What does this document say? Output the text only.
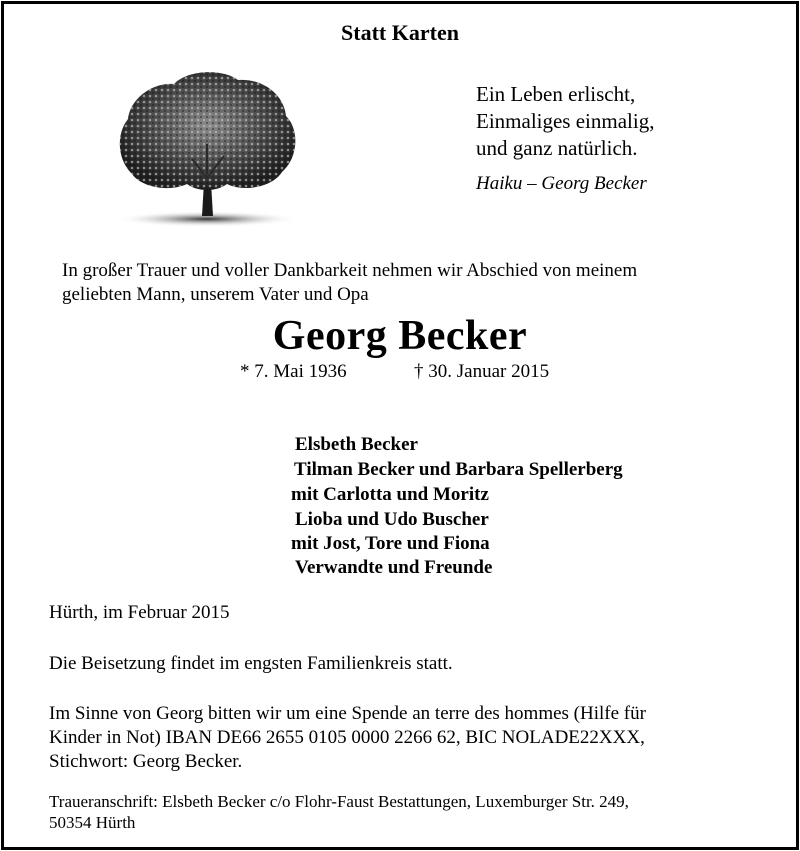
Statt Karten
Ein Leben erlischt,
Einmaliges einmalig,
und ganz natürlich.
Haiku – Georg Becker
In großer Trauer und voller Dankbarkeit nehmen wir Abschied von meinem
geliebten Mann, unserem Vater und Opa
Georg Becker
* 7. Mai 1936	† 30. Januar 2015
Elsbeth Becker
Tilman Becker und Barbara Spellerberg
mit Carlotta und Moritz
Lioba und Udo Buscher
mit Jost, Tore und Fiona
Verwandte und Freunde
Hürth, im Februar 2015
Die Beisetzung findet im engsten Familienkreis statt.
Im Sinne von Georg bitten wir um eine Spende an terre des hommes (Hilfe für
Kinder in Not) IBAN DE66 2655 0105 0000 2266 62, BIC NOLADE22XXX,
Stichwort: Georg Becker.
Traueranschrift: Elsbeth Becker c/o Flohr-Faust Bestattungen, Luxemburger Str. 249,
50354 Hürth
